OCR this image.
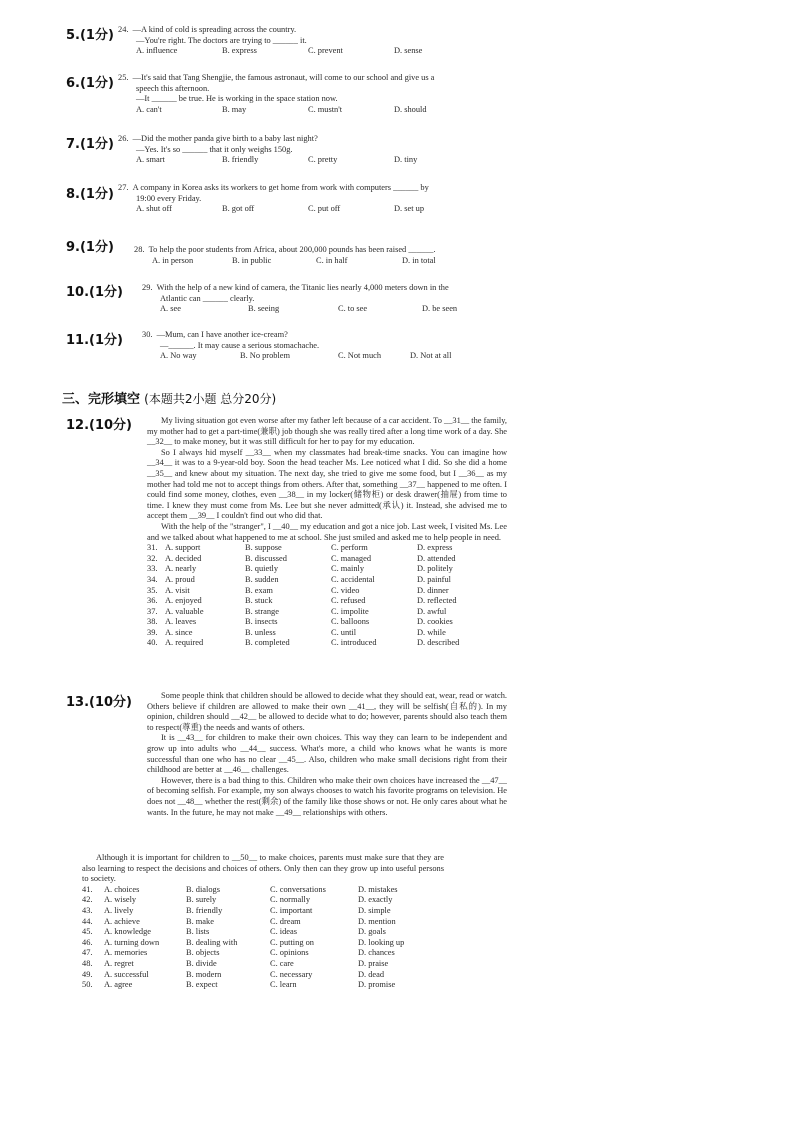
5.(1分) 24. —A kind of cold is spreading across the country.
—You're right. The doctors are trying to ______ it.
A. influence	B. express	C. prevent	D. sense
6.(1分) 25. —It's said that Tang Shengjie, the famous astronaut, will come to our school and give us a
speech this afternoon.
—It ______ be true. He is working in the space station now.
A. can't	B. may	C. mustn't	D. should
7.(1分) 26. —Did the mother panda give birth to a baby last night?
—Yes. It's so ______ that it only weighs 150g.
A. smart	B. friendly	C. pretty	D. tiny
8.(1分) 27. A company in Korea asks its workers to get home from work with computers ______ by
19:00 every Friday.
A. shut off	B. got off	C. put off	D. set up
9.(1分) 28. To help the poor students from Africa, about 200,000 pounds has been raised ______.
A. in person	B. in public	C. in half	D. in total
10.(1分) 29. With the help of a new kind of camera, the Titanic lies nearly 4,000 meters down in the
Atlantic can ______ clearly.
A. see	B. seeing	C. to see	D. be seen
11.(1分) 30. —Mum, can I have another ice-cream?
—______. It may cause a serious stomachache.
A. No way	B. No problem	C. Not much	D. Not at all
三、完形填空 (本题共2小题 总分20分)
12.(10分)	My living situation got even worse after my father left because of a car accident. To __31__ the family, my mother had to get a part-time(兼职) job though she was really tired after a long time work of a day. She __32__ to make money, but it was still difficult for her to pay for my education.
So I always hid myself __33__ when my classmates had break-time snacks. You can imagine how __34__ it was to a 9-year-old boy. Soon the head teacher Ms. Lee noticed what I did. So she did a home __35__ and knew about my situation. The next day, she tried to give me some food, but I __36__ as my mother had told me not to accept things from others. After that, something __37__ happened to me often. I could find some money, clothes, even __38__ in my locker(储物柜) or desk drawer(抽屉) from time to time. I knew they must come from Ms. Lee but she never admitted(承认) it. Instead, she advised me to accept them __39__ I couldn't find out who did that.
With the help of the "stranger", I __40__ my education and got a nice job. Last week, I visited Ms. Lee and we talked about what happened to me at school. She just smiled and asked me to help people in need.
31. A. support	B. suppose	C. perform	D. express
32. A. decided	B. discussed	C. managed	D. attended
33. A. nearly	B. quietly	C. mainly	D. politely
34. A. proud	B. sudden	C. accidental	D. painful
35. A. visit	B. exam	C. video	D. dinner
36. A. enjoyed	B. stuck	C. refused	D. reflected
37. A. valuable	B. strange	C. impolite	D. awful
38. A. leaves	B. insects	C. balloons	D. cookies
39. A. since	B. unless	C. until	D. while
40. A. required	B. completed	C. introduced	D. described
13.(10分)	Some people think that children should be allowed to decide what they should eat, wear, read or watch. Others believe if children are allowed to make their own __41__, they will be selfish(自私的). In my opinion, children should __42__ be allowed to decide what to do; however, parents should also teach them to respect(尊重) the needs and wants of others.
It is __43__ for children to make their own choices. This way they can learn to be independent and grow up into adults who __44__ success. What's more, a child who knows what he wants is more successful than one who has no clear __45__. Also, children who make small decisions right from their childhood are better at __46__ challenges.
However, there is a bad thing to this. Children who make their own choices have increased the __47__ of becoming selfish. For example, my son always chooses to watch his favorite programs on television. He does not __48__ whether the rest(剩余) of the family like those shows or not. He only cares about what he wants. In the future, he may not make __49__ relationships with others.
Although it is important for children to __50__ to make choices, parents must make sure that they are also learning to respect the decisions and choices of others. Only then can they grow up into useful persons to society.
41.	A. choices	B. dialogs	C. conversations	D. mistakes
42.	A. wisely	B. surely	C. normally	D. exactly
43.	A. lively	B. friendly	C. important	D. simple
44.	A. achieve	B. make	C. dream	D. mention
45.	A. knowledge	B. lists	C. ideas	D. goals
46.	A. turning down	B. dealing with	C. putting on	D. looking up
47.	A. memories	B. objects	C. opinions	D. chances
48.	A. regret	B. divide	C. care	D. praise
49.	A. successful	B. modern	C. necessary	D. dead
50.	A. agree	B. expect	C. learn	D. promise
